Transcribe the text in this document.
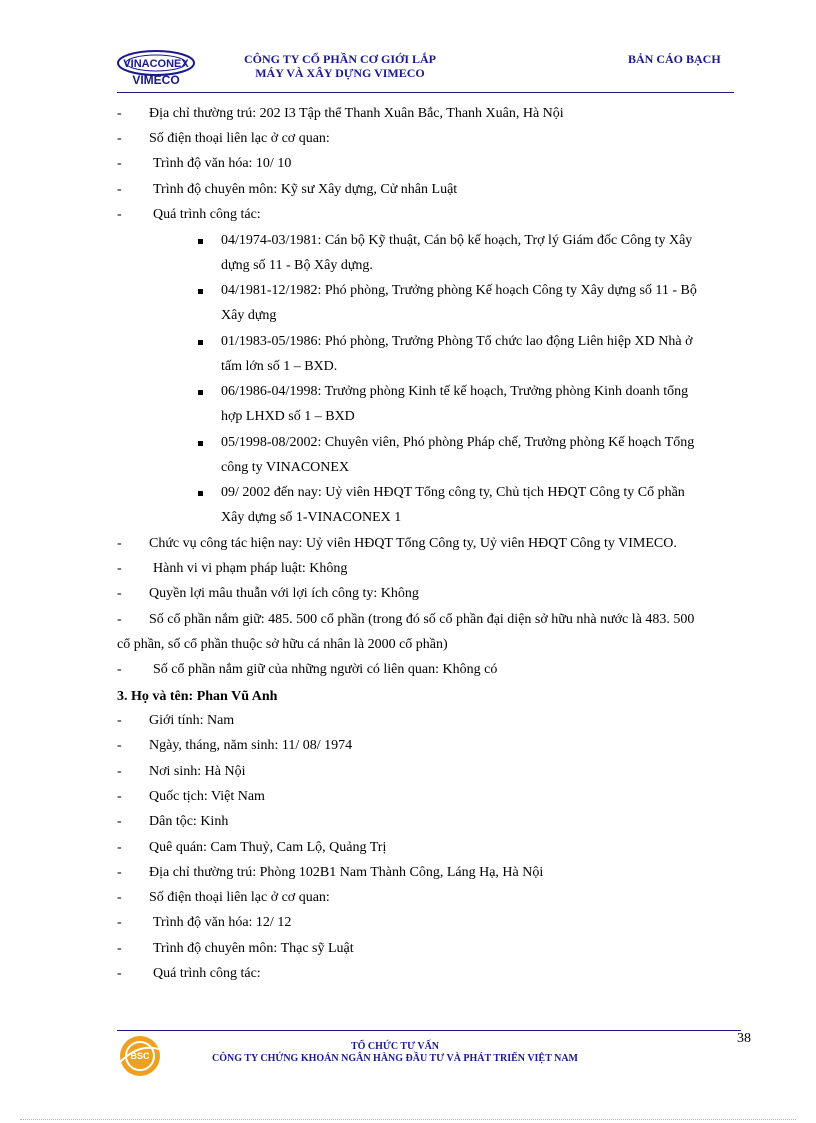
VINACONEX
VIMECO
CÔNG TY CỔ PHẦN CƠ GIỚI LẮP
MÁY VÀ XÂY DỰNG VIMECO
BẢN CÁO BẠCH
- Địa chỉ thường trú: 202 I3 Tập thể Thanh Xuân Bắc, Thanh Xuân, Hà Nội
- Số điện thoại liên lạc ở cơ quan:
- Trình độ văn hóa: 10/ 10
- Trình độ chuyên môn: Kỹ sư Xây dựng, Cử nhân Luật
- Quá trình công tác:
04/1974-03/1981: Cán bộ Kỹ thuật, Cán bộ kế hoạch, Trợ lý Giám đốc Công ty Xây
dựng số 11 - Bộ Xây dựng.
04/1981-12/1982: Phó phòng, Trưởng phòng Kế hoạch Công ty Xây dựng số 11 - Bộ
Xây dựng
01/1983-05/1986: Phó phòng, Trưởng Phòng Tổ chức lao động Liên hiệp XD Nhà ở
tấm lớn số 1 – BXD.
06/1986-04/1998: Trưởng phòng Kinh tế kế hoạch, Trưởng phòng Kinh doanh tổng
hợp LHXD số 1 – BXD
05/1998-08/2002: Chuyên viên, Phó phòng Pháp chế, Trưởng phòng Kế hoạch Tổng
công ty VINACONEX
09/ 2002 đến nay: Uỷ viên HĐQT Tổng công ty, Chủ tịch HĐQT Công ty Cổ phần
Xây dựng số 1-VINACONEX 1
- Chức vụ công tác hiện nay: Uỷ viên HĐQT Tổng Công ty, Uỷ viên HĐQT Công ty VIMECO.
- Hành vi vi phạm pháp luật: Không
- Quyền lợi mâu thuẫn với lợi ích công ty: Không
- Số cổ phần nắm giữ: 485. 500 cổ phần (trong đó số cổ phần đại diện sở hữu nhà nước là 483. 500
cổ phần, số cổ phần thuộc sở hữu cá nhân là 2000 cổ phần)
- Số cổ phần nắm giữ của những người có liên quan: Không có
3. Họ và tên: Phan Vũ Anh
- Giới tính: Nam
- Ngày, tháng, năm sinh: 11/ 08/ 1974
- Nơi sinh: Hà Nội
- Quốc tịch: Việt Nam
- Dân tộc: Kinh
- Quê quán: Cam Thuỷ, Cam Lộ, Quảng Trị
- Địa chỉ thường trú: Phòng 102B1 Nam Thành Công, Láng Hạ, Hà Nội
- Số điện thoại liên lạc ở cơ quan:
- Trình độ văn hóa: 12/ 12
- Trình độ chuyên môn: Thạc sỹ Luật
- Quá trình công tác:
BSC
TỔ CHỨC TƯ VẤN
CÔNG TY CHỨNG KHOÁN NGÂN HÀNG ĐẦU TƯ VÀ PHÁT TRIỂN VIỆT NAM
38
